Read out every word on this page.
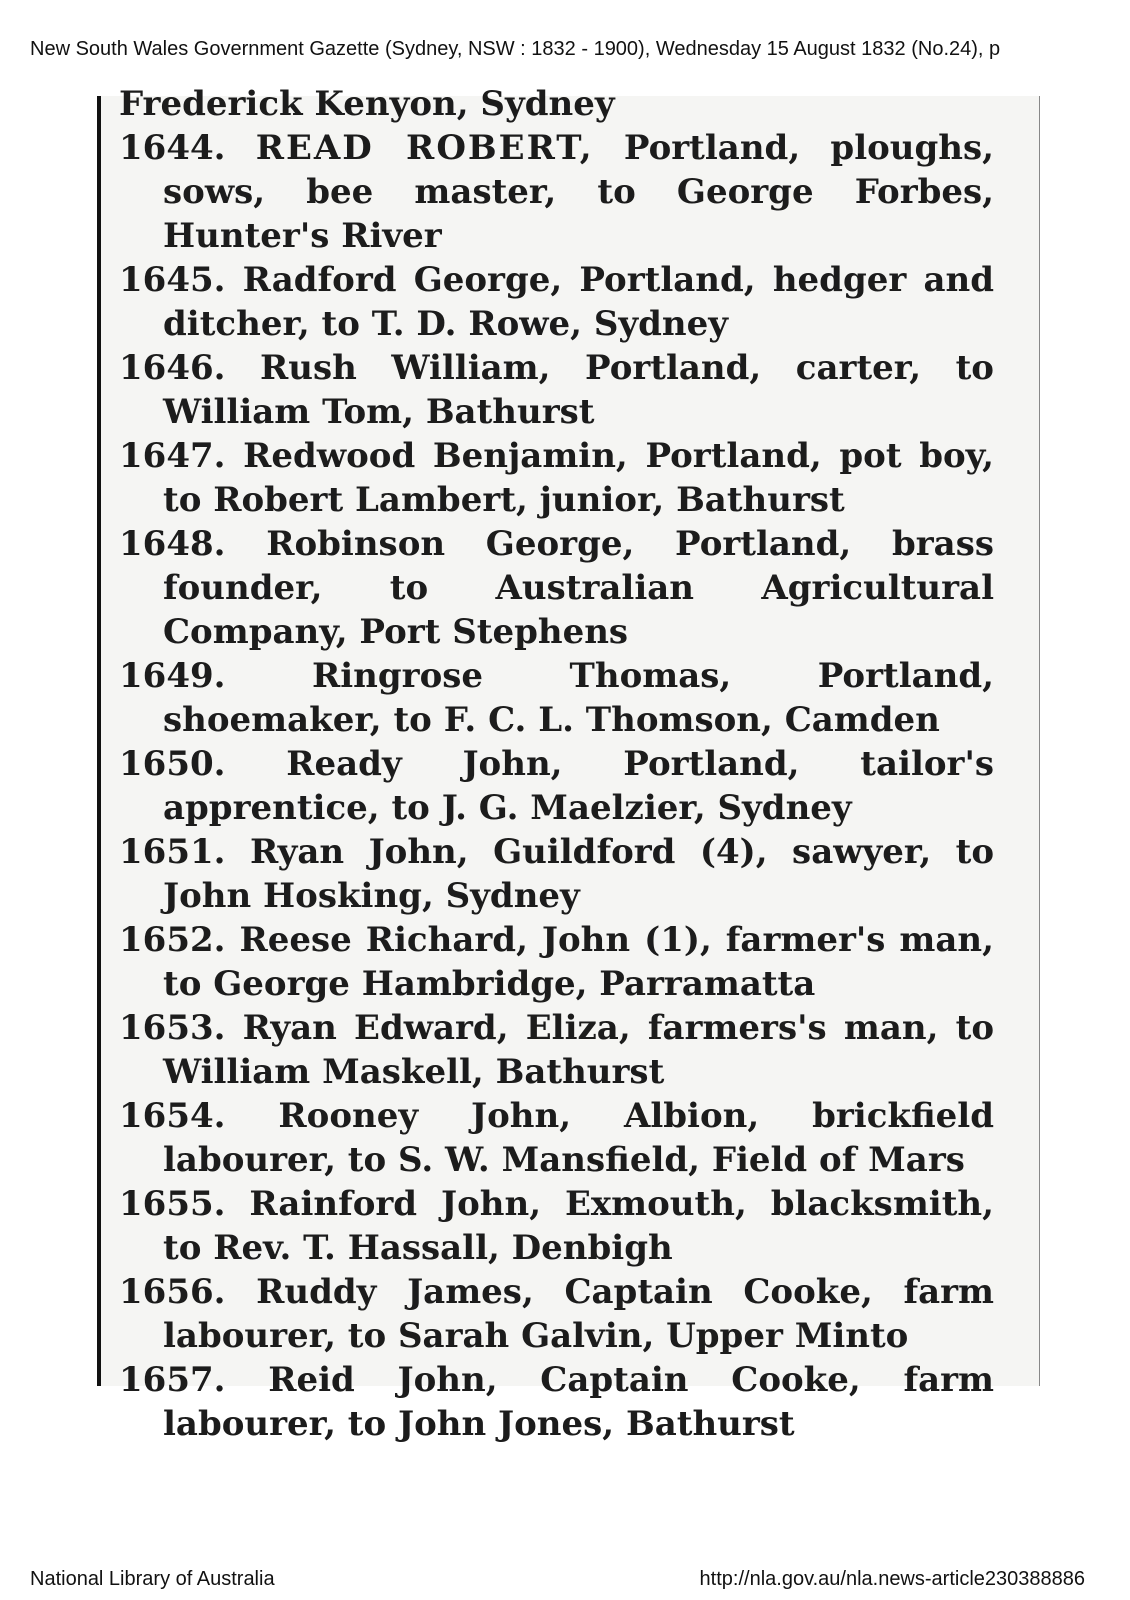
New South Wales Government Gazette (Sydney, NSW : 1832 - 1900), Wednesday 15 August 1832 (No.24), p
Frederick Kenyon, Sydney
1644. READ ROBERT, Portland, ploughs, sows, bee master, to George Forbes, Hunter's River
1645. Radford George, Portland, hedger and ditcher, to T. D. Rowe, Sydney
1646. Rush William, Portland, carter, to William Tom, Bathurst
1647. Redwood Benjamin, Portland, pot boy, to Robert Lambert, junior, Bathurst
1648. Robinson George, Portland, brass founder, to Australian Agricultural Company, Port Stephens
1649.	Ringrose Thomas, Portland, shoemaker, to F. C. L. Thomson, Camden
1650. Ready John, Portland, tailor's apprentice, to J. G. Maelzier, Sydney
1651. Ryan John, Guildford (4), sawyer, to John Hosking, Sydney
1652. Reese Richard, John (1), farmer's man, to George Hambridge, Parramatta
1653. Ryan Edward, Eliza, farmers's man, to William Maskell, Bathurst
1654. Rooney John, Albion, brickfield labourer, to S. W. Mansfield, Field of Mars
1655. Rainford John, Exmouth, blacksmith, to Rev. T. Hassall, Denbigh
1656. Ruddy James, Captain Cooke, farm labourer, to Sarah Galvin, Upper Minto
1657. Reid John, Captain Cooke, farm labourer, to John Jones, Bathurst
National Library of Australia	http://nla.gov.au/nla.news-article230388886
